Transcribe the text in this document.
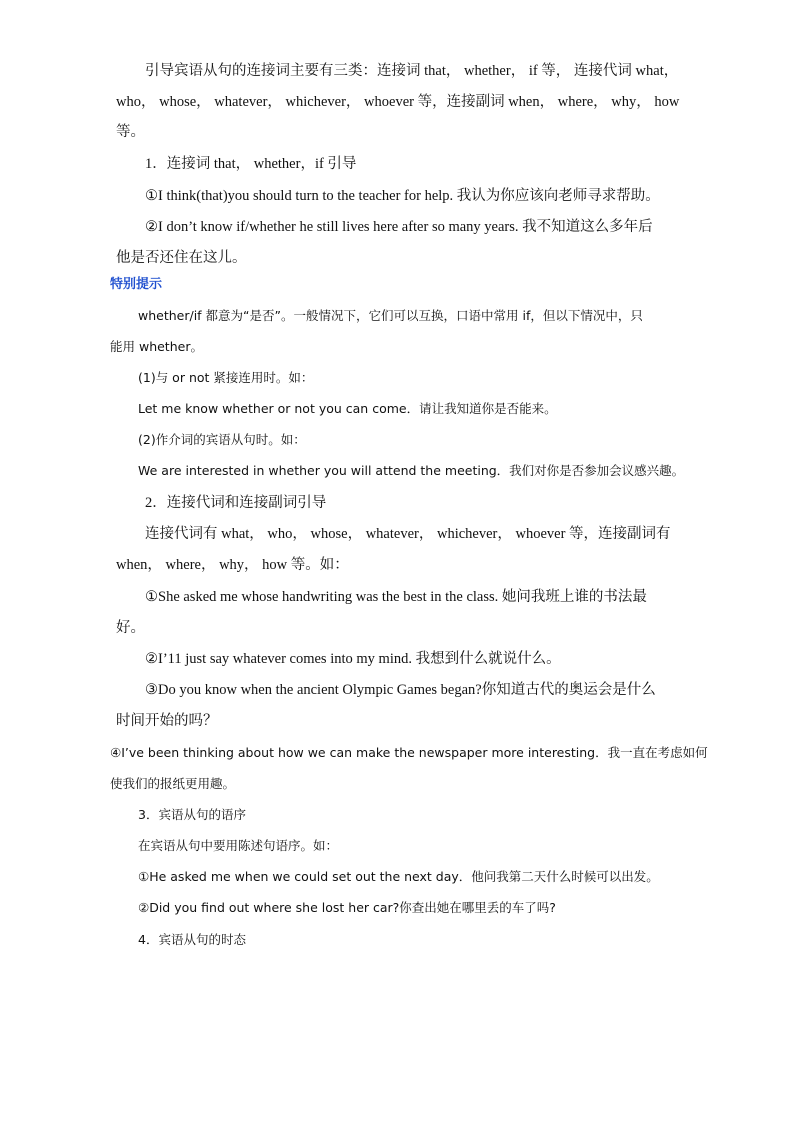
引导宾语从句的连接词主要有三类：连接词 that， whether， if 等， 连接代词 what，
who， whose， whatever， whichever， whoever 等，连接副词 when， where， why， how
等。
1．连接词 that， whether，if 引导
①I think(that)you should turn to the teacher for help. 我认为你应该向老师寻求帮助。
②I don’t know if/whether he still lives here after so many years. 我不知道这么多年后
他是否还住在这儿。
特别提示
whether/if 都意为“是否”。一般情况下，它们可以互换，口语中常用 if，但以下情况中，只
能用 whether。
(1)与 or not 紧接连用时。如：
Let me know whether or not you can come．请让我知道你是否能来。
(2)作介词的宾语从句时。如：
We are interested in whether you will attend the meeting．我们对你是否参加会议感兴趣。
2．连接代词和连接副词引导
连接代词有 what， who， whose， whatever， whichever， whoever 等，连接副词有
when， where， why， how 等。如：
①She asked me whose handwriting was the best in the class. 她问我班上谁的书法最
好。
②I’11 just say whatever comes into my mind. 我想到什么就说什么。
③Do you know when the ancient Olympic Games began?你知道古代的奥运会是什么
时间开始的吗？
④I’ve been thinking about how we can make the newspaper more interesting．我一直在考虑如何
使我们的报纸更用趣。
3．宾语从句的语序
在宾语从句中要用陈述句语序。如：
①He asked me when we could set out the next day．他问我第二天什么时候可以出发。
②Did you find out where she lost her car?你查出她在哪里丢的车了吗?
4．宾语从句的时态
